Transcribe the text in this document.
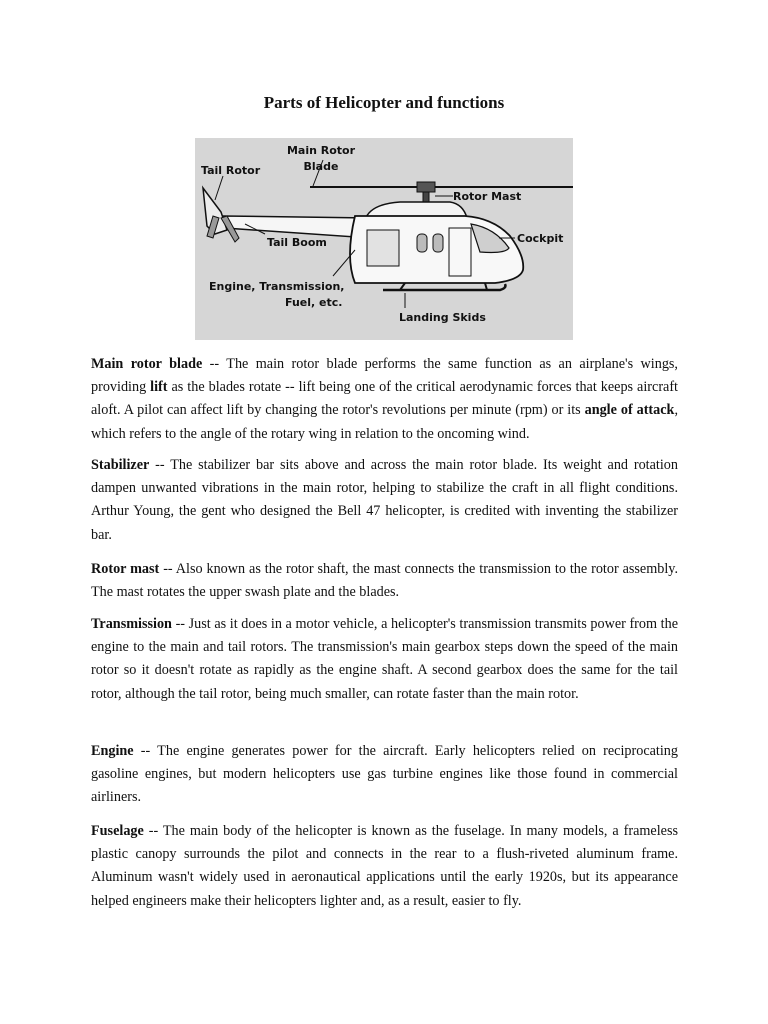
Parts of Helicopter and functions
Main Rotor
Blade
Tail Rotor
Rotor Mast
Cockpit
Tail Boom
Engine, Transmission,
Fuel, etc.
Landing Skids

Main rotor blade -- The main rotor blade performs the same function as an airplane's wings, providing lift as the blades rotate -- lift being one of the critical aerodynamic forces that keeps aircraft aloft. A pilot can affect lift by changing the rotor's revolutions per minute (rpm) or its angle of attack, which refers to the angle of the rotary wing in relation to the oncoming wind.

Stabilizer -- The stabilizer bar sits above and across the main rotor blade. Its weight and rotation dampen unwanted vibrations in the main rotor, helping to stabilize the craft in all flight conditions. Arthur Young, the gent who designed the Bell 47 helicopter, is credited with inventing the stabilizer bar.

Rotor mast -- Also known as the rotor shaft, the mast connects the transmission to the rotor assembly. The mast rotates the upper swash plate and the blades.

Transmission -- Just as it does in a motor vehicle, a helicopter's transmission transmits power from the engine to the main and tail rotors. The transmission's main gearbox steps down the speed of the main rotor so it doesn't rotate as rapidly as the engine shaft. A second gearbox does the same for the tail rotor, although the tail rotor, being much smaller, can rotate faster than the main rotor.

Engine -- The engine generates power for the aircraft. Early helicopters relied on reciprocating gasoline engines, but modern helicopters use gas turbine engines like those found in commercial airliners.

Fuselage -- The main body of the helicopter is known as the fuselage. In many models, a frameless plastic canopy surrounds the pilot and connects in the rear to a flush-riveted aluminum frame. Aluminum wasn't widely used in aeronautical applications until the early 1920s, but its appearance helped engineers make their helicopters lighter and, as a result, easier to fly.
